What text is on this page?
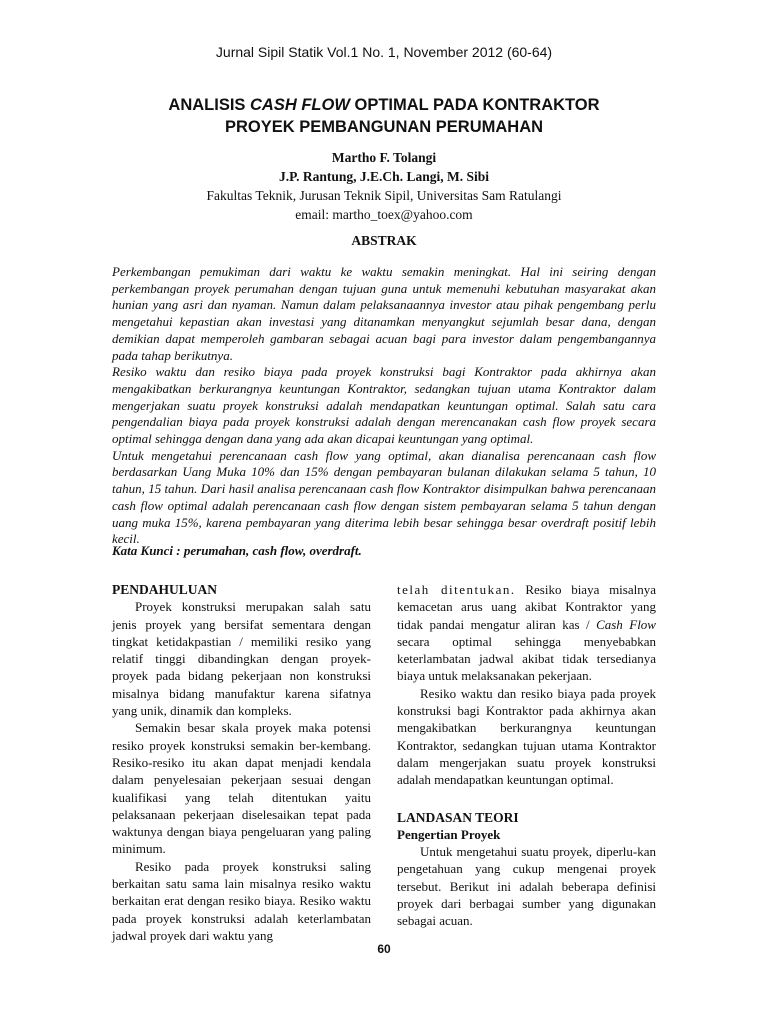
Jurnal Sipil Statik Vol.1 No. 1, November 2012 (60-64)
ANALISIS CASH FLOW OPTIMAL PADA KONTRAKTOR
PROYEK PEMBANGUNAN PERUMAHAN
Martho F. Tolangi
J.P. Rantung, J.E.Ch. Langi, M. Sibi
Fakultas Teknik, Jurusan Teknik Sipil, Universitas Sam Ratulangi
email: martho_toex@yahoo.com
ABSTRAK

Perkembangan pemukiman dari waktu ke waktu semakin meningkat. Hal ini seiring dengan perkembangan proyek perumahan dengan tujuan guna untuk memenuhi kebutuhan masyarakat akan hunian yang asri dan nyaman. Namun dalam pelaksanaannya investor atau pihak pengembang perlu mengetahui kepastian akan investasi yang ditanamkan menyangkut sejumlah besar dana, dengan demikian dapat memperoleh gambaran sebagai acuan bagi para investor dalam pengembangannya pada tahap berikutnya.

Resiko waktu dan resiko biaya pada proyek konstruksi bagi Kontraktor pada akhirnya akan mengakibatkan berkurangnya keuntungan Kontraktor, sedangkan tujuan utama Kontraktor dalam mengerjakan suatu proyek konstruksi adalah mendapatkan keuntungan optimal. Salah satu cara pengendalian biaya pada proyek konstruksi adalah dengan merencanakan cash flow proyek secara optimal sehingga dengan dana yang ada akan dicapai keuntungan yang optimal.

Untuk mengetahui perencanaan cash flow yang optimal, akan dianalisa perencanaan cash flow berdasarkan Uang Muka 10% dan 15% dengan pembayaran bulanan dilakukan selama 5 tahun, 10 tahun, 15 tahun. Dari hasil analisa perencanaan cash flow Kontraktor disimpulkan bahwa perencanaan cash flow optimal adalah perencanaan cash flow dengan sistem pembayaran selama 5 tahun dengan uang muka 15%, karena pembayaran yang diterima lebih besar sehingga besar overdraft positif lebih kecil.

Kata Kunci : perumahan, cash flow, overdraft.
PENDAHULUAN

Proyek konstruksi merupakan salah satu jenis proyek yang bersifat sementara dengan tingkat ketidakpastian / memiliki resiko yang relatif tinggi dibandingkan dengan proyek-proyek pada bidang pekerjaan non konstruksi misalnya bidang manufaktur karena sifatnya yang unik, dinamik dan kompleks.

Semakin besar skala proyek maka potensi resiko proyek konstruksi semakin ber-kembang. Resiko-resiko itu akan dapat menjadi kendala dalam penyelesaian pekerjaan sesuai dengan kualifikasi yang telah ditentukan yaitu pelaksanaan pekerjaan diselesaikan tepat pada waktunya dengan biaya pengeluaran yang paling minimum.

Resiko pada proyek konstruksi saling berkaitan satu sama lain misalnya resiko waktu berkaitan erat dengan resiko biaya. Resiko waktu pada proyek konstruksi adalah keterlambatan jadwal proyek dari waktu yang

telah ditentukan. Resiko biaya misalnya kemacetan arus uang akibat Kontraktor yang tidak pandai mengatur aliran kas / Cash Flow secara optimal sehingga menyebabkan keterlambatan jadwal akibat tidak tersedianya biaya untuk melaksanakan pekerjaan.

Resiko waktu dan resiko biaya pada proyek konstruksi bagi Kontraktor pada akhirnya akan mengakibatkan berkurangnya keuntungan Kontraktor, sedangkan tujuan utama Kontraktor dalam mengerjakan suatu proyek konstruksi adalah mendapatkan keuntungan optimal.

LANDASAN TEORI
Pengertian Proyek

Untuk mengetahui suatu proyek, diperlu-kan pengetahuan yang cukup mengenai proyek tersebut. Berikut ini adalah beberapa definisi proyek dari berbagai sumber yang digunakan sebagai acuan.

60
